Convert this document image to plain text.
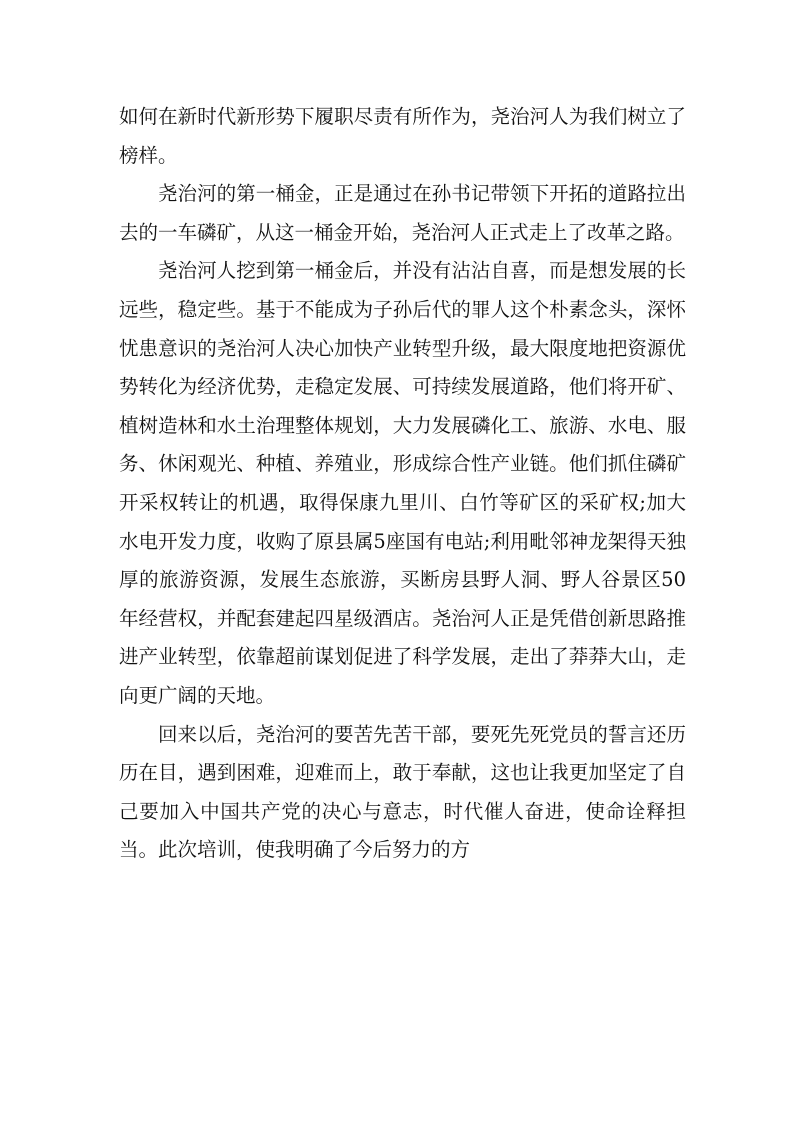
如何在新时代新形势下履职尽责有所作为，尧治河人为我们树立了榜样。

尧治河的第一桶金，正是通过在孙书记带领下开拓的道路拉出去的一车磷矿，从这一桶金开始，尧治河人正式走上了改革之路。

尧治河人挖到第一桶金后，并没有沾沾自喜，而是想发展的长远些，稳定些。基于不能成为子孙后代的罪人这个朴素念头，深怀忧患意识的尧治河人决心加快产业转型升级，最大限度地把资源优势转化为经济优势，走稳定发展、可持续发展道路，他们将开矿、植树造林和水土治理整体规划，大力发展磷化工、旅游、水电、服务、休闲观光、种植、养殖业，形成综合性产业链。他们抓住磷矿开采权转让的机遇，取得保康九里川、白竹等矿区的采矿权;加大水电开发力度，收购了原县属5座国有电站;利用毗邻神龙架得天独厚的旅游资源，发展生态旅游，买断房县野人洞、野人谷景区50年经营权，并配套建起四星级酒店。尧治河人正是凭借创新思路推进产业转型，依靠超前谋划促进了科学发展，走出了莽莽大山，走向更广阔的天地。

回来以后，尧治河的要苦先苦干部，要死先死党员的誓言还历历在目，遇到困难，迎难而上，敢于奉献，这也让我更加坚定了自己要加入中国共产党的决心与意志，时代催人奋进，使命诠释担当。此次培训，使我明确了今后努力的方
